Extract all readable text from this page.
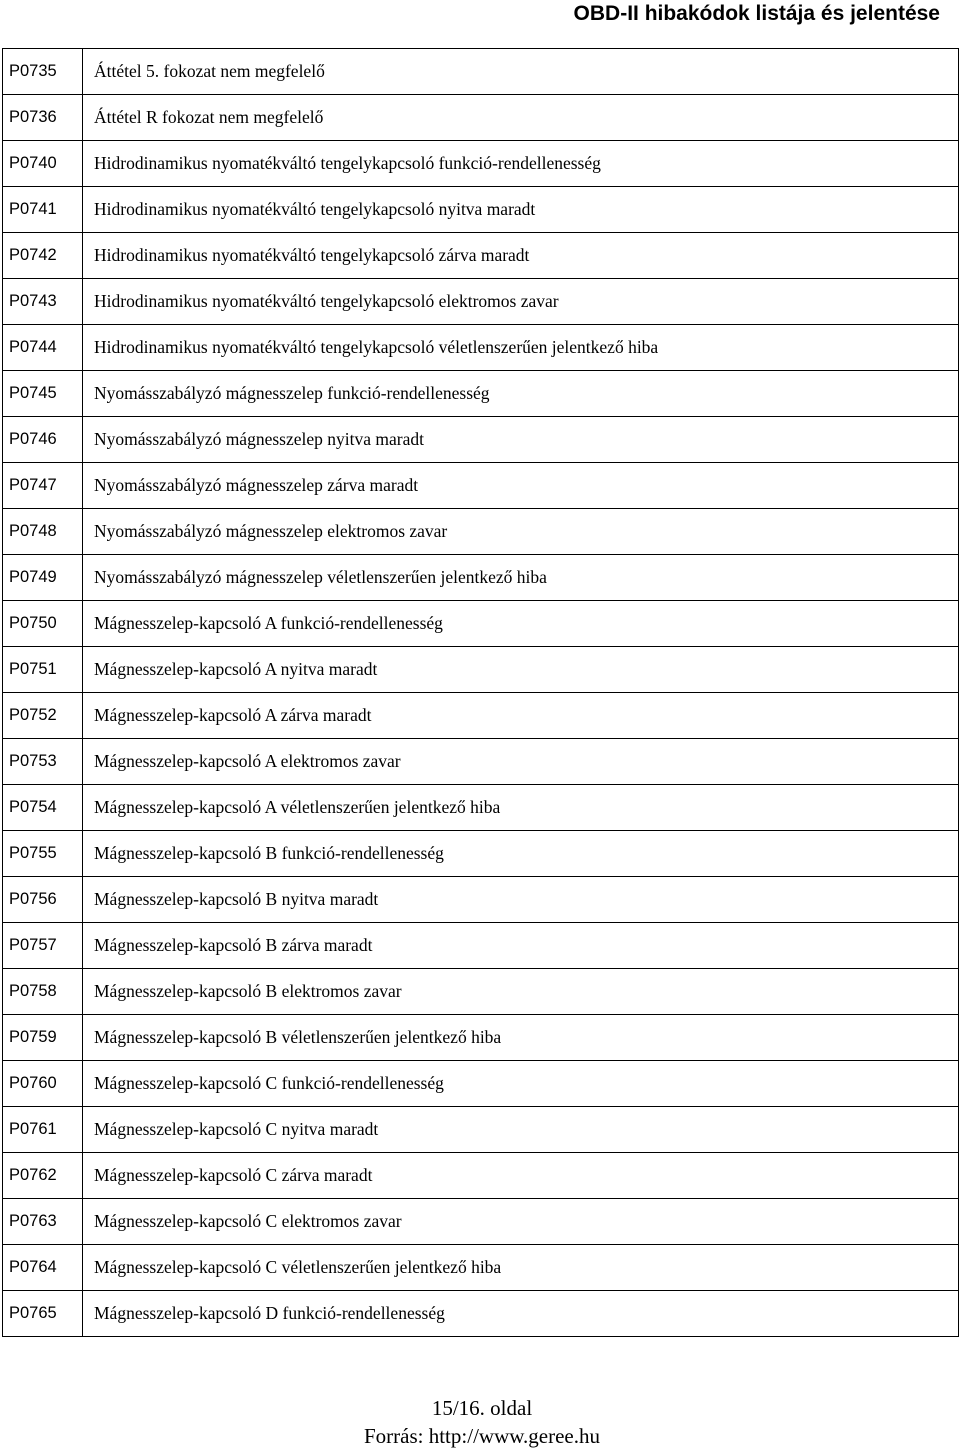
OBD-II hibakódok listája és jelentése
P0735	Áttétel 5. fokozat nem megfelelő
P0736	Áttétel R fokozat nem megfelelő
P0740	Hidrodinamikus nyomatékváltó tengelykapcsoló funkció-rendellenesség
P0741	Hidrodinamikus nyomatékváltó tengelykapcsoló nyitva maradt
P0742	Hidrodinamikus nyomatékváltó tengelykapcsoló zárva maradt
P0743	Hidrodinamikus nyomatékváltó tengelykapcsoló elektromos zavar
P0744	Hidrodinamikus nyomatékváltó tengelykapcsoló véletlenszerűen jelentkező hiba
P0745	Nyomásszabályzó mágnesszelep funkció-rendellenesség
P0746	Nyomásszabályzó mágnesszelep nyitva maradt
P0747	Nyomásszabályzó mágnesszelep zárva maradt
P0748	Nyomásszabályzó mágnesszelep elektromos zavar
P0749	Nyomásszabályzó mágnesszelep véletlenszerűen jelentkező hiba
P0750	Mágnesszelep-kapcsoló A funkció-rendellenesség
P0751	Mágnesszelep-kapcsoló A nyitva maradt
P0752	Mágnesszelep-kapcsoló A zárva maradt
P0753	Mágnesszelep-kapcsoló A elektromos zavar
P0754	Mágnesszelep-kapcsoló A véletlenszerűen jelentkező hiba
P0755	Mágnesszelep-kapcsoló B funkció-rendellenesség
P0756	Mágnesszelep-kapcsoló B nyitva maradt
P0757	Mágnesszelep-kapcsoló B zárva maradt
P0758	Mágnesszelep-kapcsoló B elektromos zavar
P0759	Mágnesszelep-kapcsoló B véletlenszerűen jelentkező hiba
P0760	Mágnesszelep-kapcsoló C funkció-rendellenesség
P0761	Mágnesszelep-kapcsoló C nyitva maradt
P0762	Mágnesszelep-kapcsoló C zárva maradt
P0763	Mágnesszelep-kapcsoló C elektromos zavar
P0764	Mágnesszelep-kapcsoló C véletlenszerűen jelentkező hiba
P0765	Mágnesszelep-kapcsoló D funkció-rendellenesség
15/16. oldal
Forrás: http://www.geree.hu
